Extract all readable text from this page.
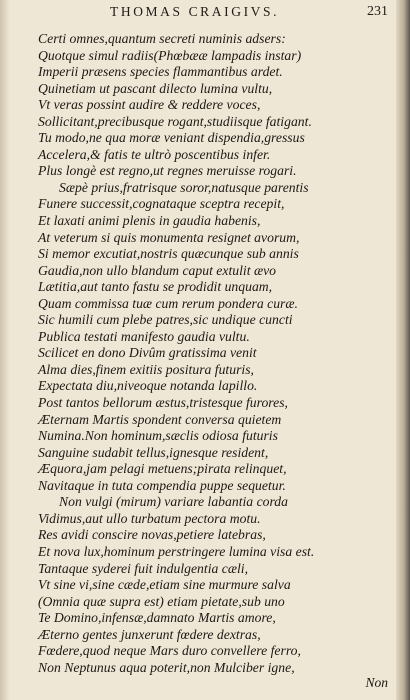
THOMAS CRAIGIVS.	231
Certi omnes,quantum secreti numinis adsers:
Quotque simul radiis(Phœbææ lampadis instar)
Imperii præsens species flammantibus ardet.
Quinetiam ut pascant dilecto lumina vultu,
Vt veras possint audire & reddere voces,
Sollicitant,precibusque rogant,studiisque fatigant.
Tu modo,ne qua moræ veniant dispendia,gressus
Accelera,& fatis te ultrò poscentibus infer.
Plus longè est regno,ut regnes meruisse rogari.
Sæpè prius,fratrisque soror,natusque parentis
Funere successit,cognataque sceptra recepit,
Et laxati animi plenis in gaudia habenis,
At veterum si quis monumenta resignet avorum,
Si memor excutiat,nostris quæcunque sub annis
Gaudia,non ullo blandum caput extulit ævo
Lætitia,aut tanto fastu se prodidit unquam,
Quam commissa tuæ cum rerum pondera curæ.
Sic humili cum plebe patres,sic undique cuncti
Publica testati manifesto gaudia vultu.
Scilicet en dono Divûm gratissima venit
Alma dies,finem exitiis positura futuris,
Expectata diu,niveoque notanda lapillo.
Post tantos bellorum æstus,tristesque furores,
Æternam Martis spondent conversa quietem
Numina.Non hominum,sæclis odiosa futuris
Sanguine sudabit tellus,ignesque resident,
Æquora,jam pelagi metuens;pirata relinquet,
Navitaque in tuta compendia puppe sequetur.
Non vulgi (mirum) variare labantia corda
Vidimus,aut ullo turbatum pectora motu.
Res avidi conscire novas,petiere latebras,
Et nova lux,hominum perstringere lumina visa est.
Tantaque syderei fuit indulgentia cæli,
Vt sine vi,sine cæde,etiam sine murmure salva
(Omnia quæ supra est) etiam pietate,sub uno
Te Domino,infensæ,damnato Martis amore,
Æterno gentes junxerunt fœdere dextras,
Fœdere,quod neque Mars duro convellere ferro,
Non Neptunus aqua poterit,non Mulciber igne,
Non
